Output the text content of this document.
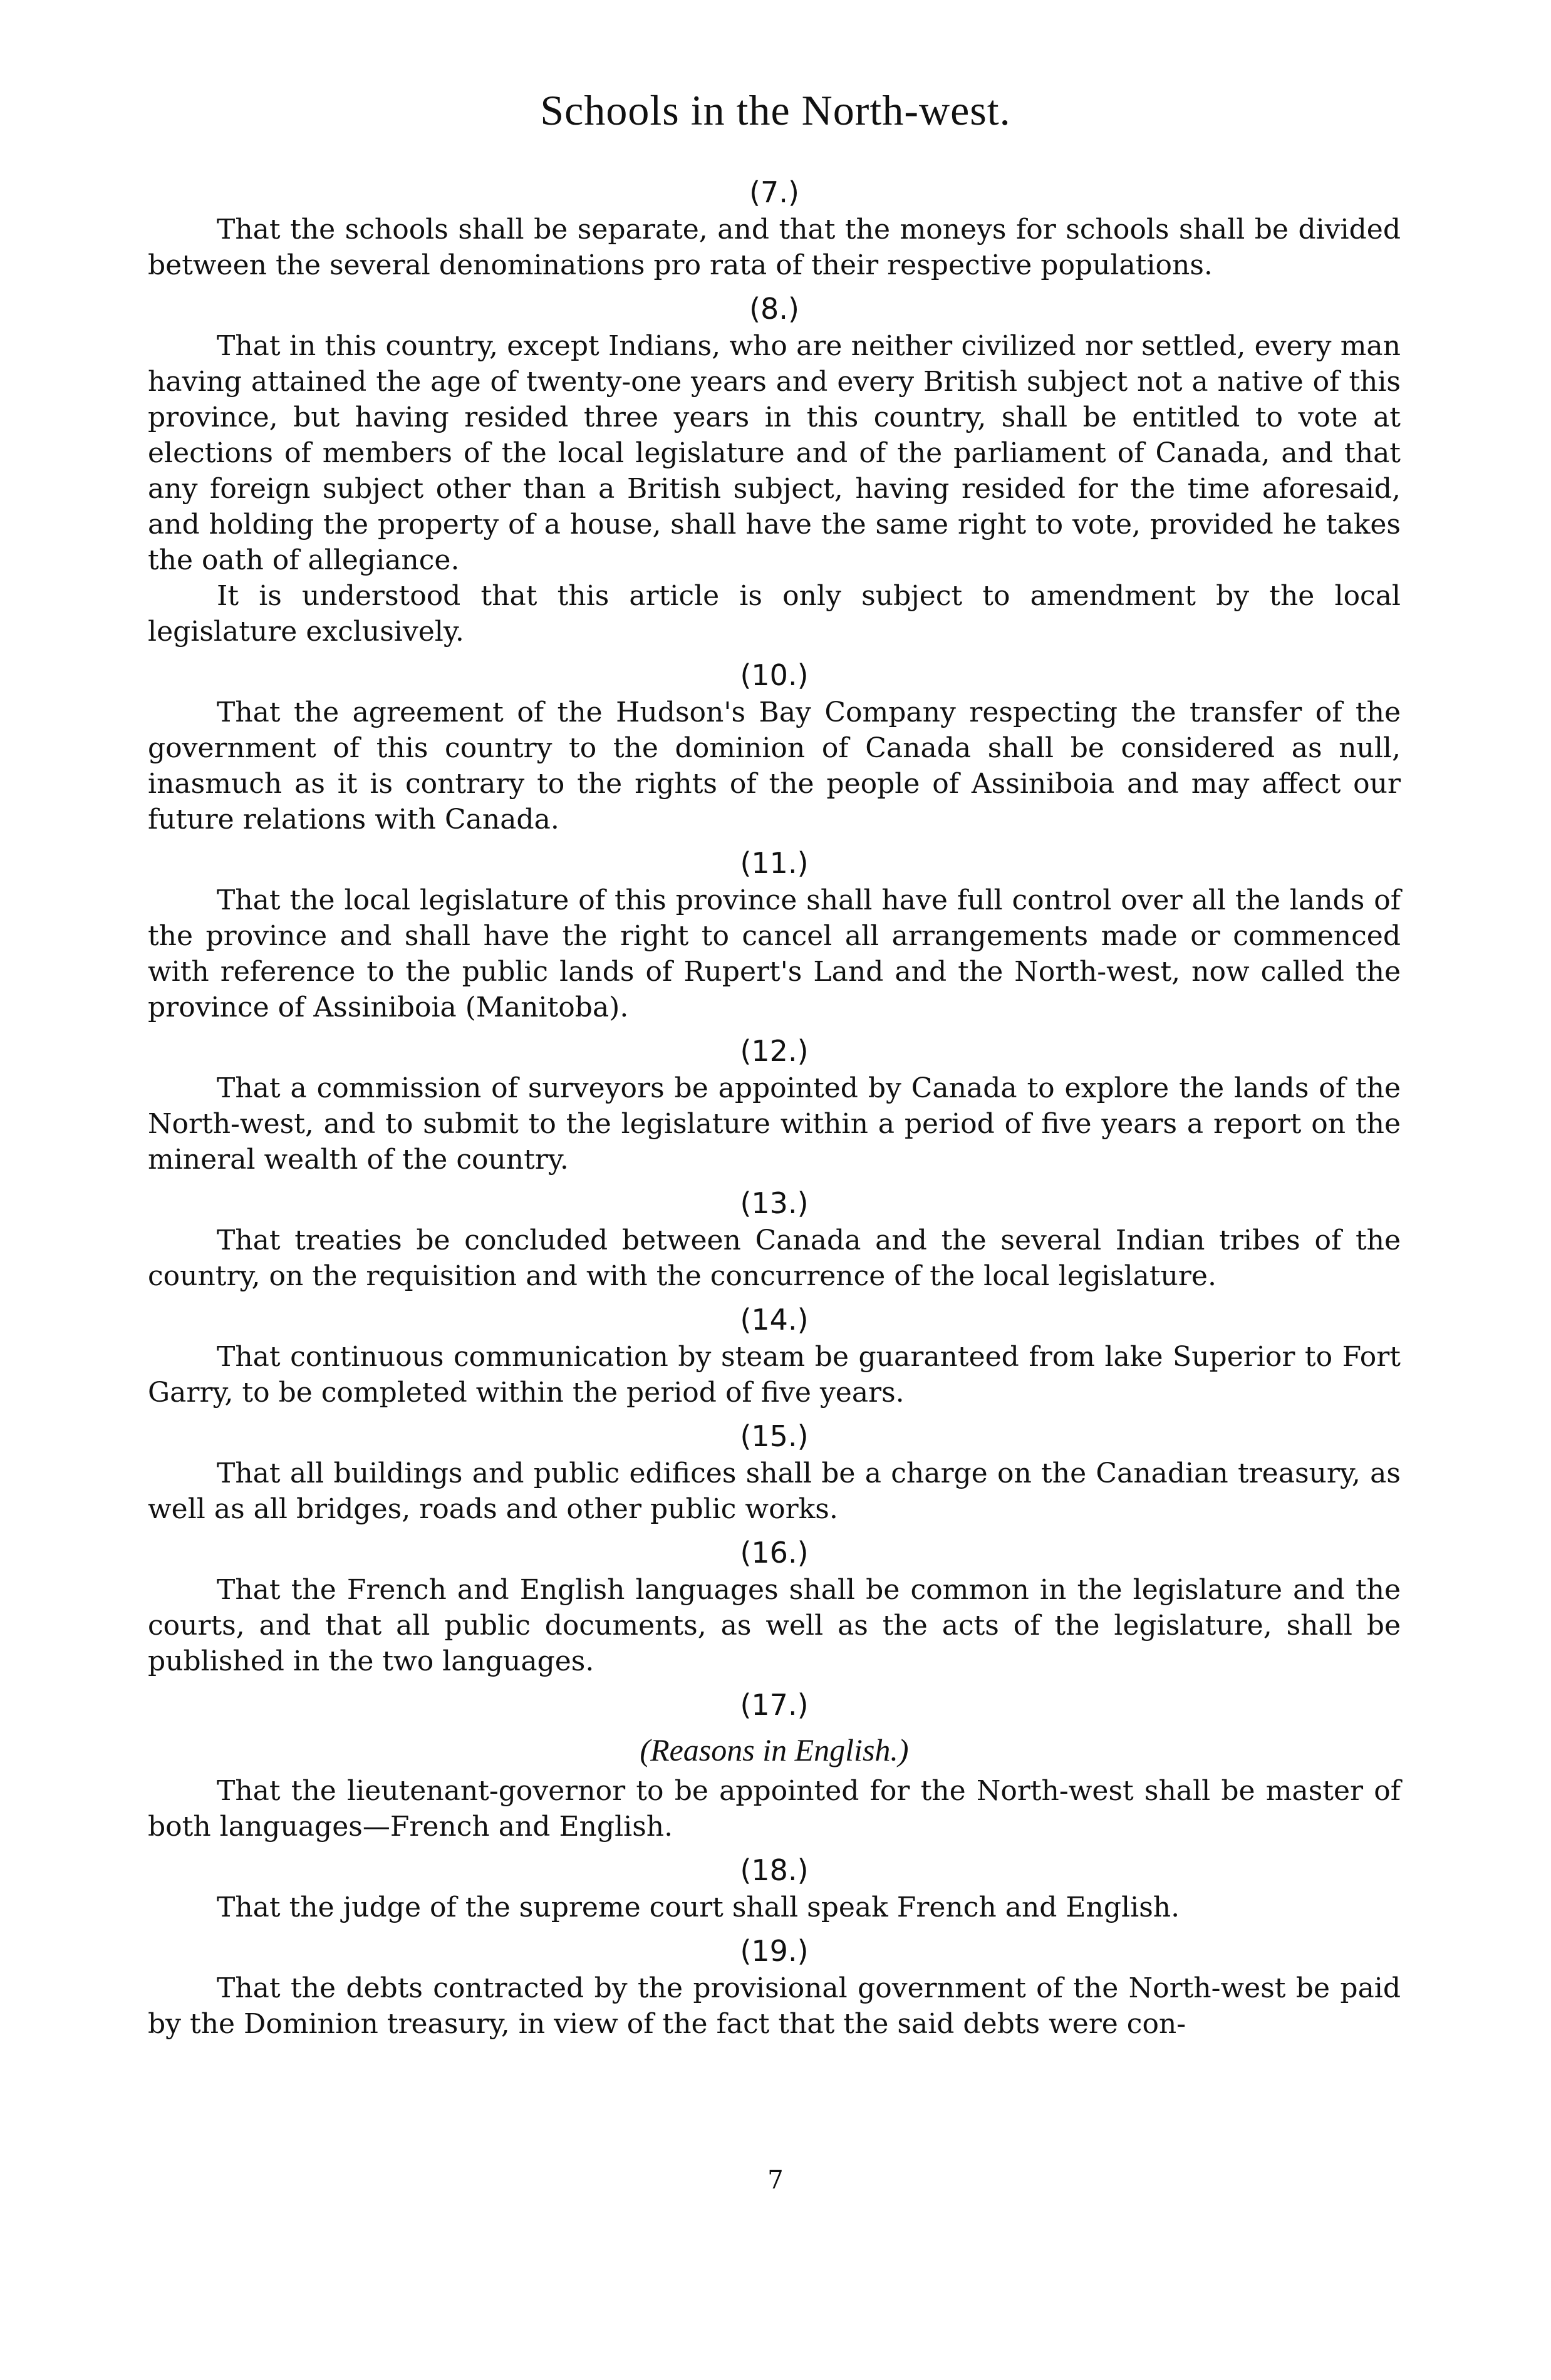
Schools in the North-west.
(7.)

That the schools shall be separate, and that the moneys for schools shall be divided between the several denominations pro rata of their respective populations.

(8.)

That in this country, except Indians, who are neither civilized nor settled, every man having attained the age of twenty-one years and every British subject not a native of this province, but having resided three years in this country, shall be entitled to vote at elections of members of the local legislature and of the parliament of Canada, and that any foreign subject other than a British subject, having resided for the time aforesaid, and holding the property of a house, shall have the same right to vote, provided he takes the oath of allegiance.

It is understood that this article is only subject to amendment by the local legislature exclusively.

(10.)

That the agreement of the Hudson's Bay Company respecting the transfer of the government of this country to the dominion of Canada shall be considered as null, inasmuch as it is contrary to the rights of the people of Assiniboia and may affect our future relations with Canada.

(11.)

That the local legislature of this province shall have full control over all the lands of the province and shall have the right to cancel all arrangements made or commenced with reference to the public lands of Rupert's Land and the North-west, now called the province of Assiniboia (Manitoba).

(12.)

That a commission of surveyors be appointed by Canada to explore the lands of the North-west, and to submit to the legislature within a period of five years a report on the mineral wealth of the country.

(13.)

That treaties be concluded between Canada and the several Indian tribes of the country, on the requisition and with the concurrence of the local legislature.

(14.)

That continuous communication by steam be guaranteed from lake Superior to Fort Garry, to be completed within the period of five years.

(15.)

That all buildings and public edifices shall be a charge on the Canadian treasury, as well as all bridges, roads and other public works.

(16.)

That the French and English languages shall be common in the legislature and the courts, and that all public documents, as well as the acts of the legislature, shall be published in the two languages.

(17.)
(Reasons in English.)

That the lieutenant-governor to be appointed for the North-west shall be master of both languages—French and English.

(18.)

That the judge of the supreme court shall speak French and English.

(19.)

That the debts contracted by the provisional government of the North-west be paid by the Dominion treasury, in view of the fact that the said debts were con-

7
